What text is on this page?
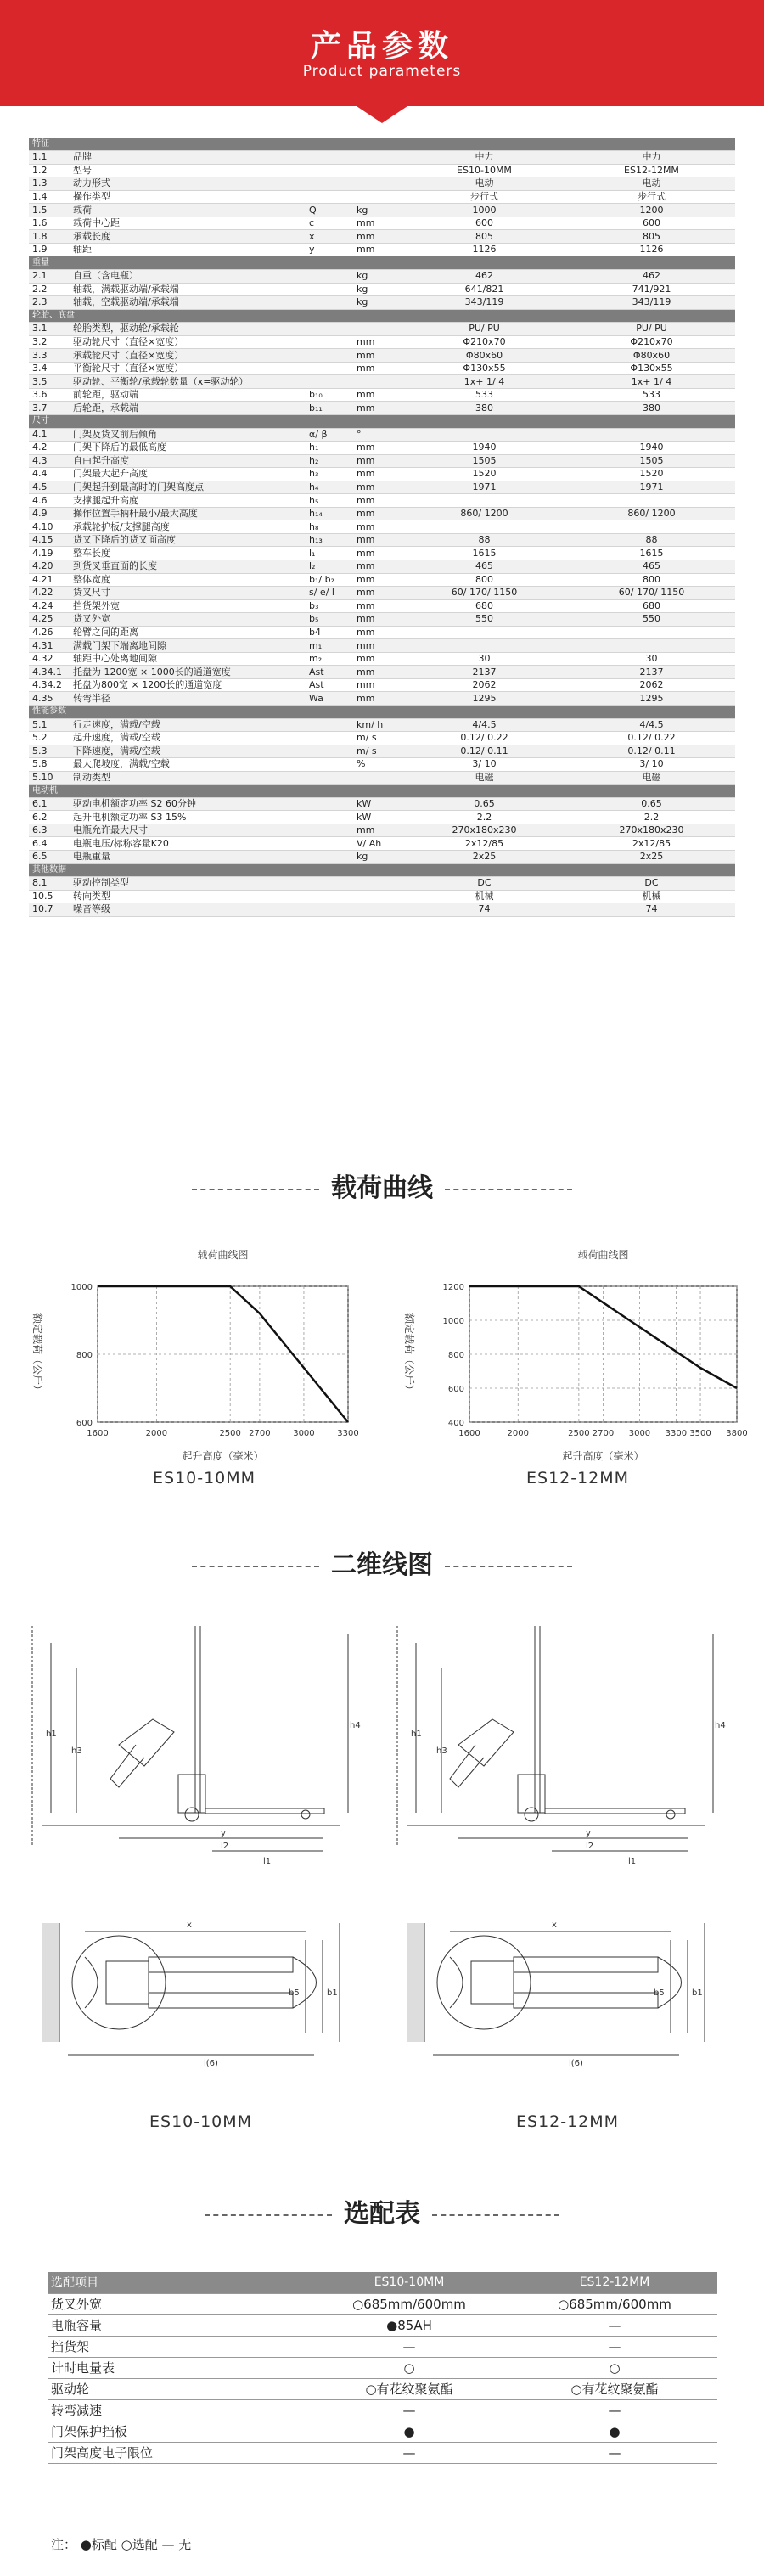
产品参数
Product parameters
特征					
1.1	品牌			中力	中力
1.2	型号			ES10-10MM	ES12-12MM
1.3	动力形式			电动	电动
1.4	操作类型			步行式	步行式
1.5	载荷	Q	kg	1000	1200
1.6	载荷中心距	c	mm	600	600
1.8	承载长度	x	mm	805	805
1.9	轴距	y	mm	1126	1126
重量					
2.1	自重（含电瓶）		kg	462	462
2.2	轴载，满载驱动端/承载端		kg	641/821	741/921
2.3	轴载，空载驱动端/承载端		kg	343/119	343/119
轮胎、底盘					
3.1	轮胎类型，驱动轮/承载轮			PU/ PU	PU/ PU
3.2	驱动轮尺寸（直径×宽度）		mm	Φ210x70	Φ210x70
3.3	承载轮尺寸（直径×宽度）		mm	Φ80x60	Φ80x60
3.4	平衡轮尺寸（直径×宽度）		mm	Φ130x55	Φ130x55
3.5	驱动轮、平衡轮/承载轮数量（x=驱动轮）			1x+ 1/ 4	1x+ 1/ 4
3.6	前轮距，驱动端	b₁₀	mm	533	533
3.7	后轮距，承载端	b₁₁	mm	380	380
尺寸					
4.1	门架及货叉前后倾角	α/ β	°		
4.2	门架下降后的最低高度	h₁	mm	1940	1940
4.3	自由起升高度	h₂	mm	1505	1505
4.4	门架最大起升高度	h₃	mm	1520	1520
4.5	门架起升到最高时的门架高度点	h₄	mm	1971	1971
4.6	支撑腿起升高度	h₅	mm		
4.9	操作位置手柄杆最小/最大高度	h₁₄	mm	860/ 1200	860/ 1200
4.10	承载轮护板/支撑腿高度	h₈	mm		
4.15	货叉下降后的货叉面高度	h₁₃	mm	88	88
4.19	整车长度	l₁	mm	1615	1615
4.20	到货叉垂直面的长度	l₂	mm	465	465
4.21	整体宽度	b₁/ b₂	mm	800	800
4.22	货叉尺寸	s/ e/ l	mm	60/ 170/ 1150	60/ 170/ 1150
4.24	挡货架外宽	b₃	mm	680	680
4.25	货叉外宽	b₅	mm	550	550
4.26	轮臂之间的距离	b4	mm		
4.31	满载门架下端离地间隙	m₁	mm		
4.32	轴距中心处离地间隙	m₂	mm	30	30
4.34.1	托盘为 1200宽 × 1000长的通道宽度	Ast	mm	2137	2137
4.34.2	托盘为800宽 × 1200长的通道宽度	Ast	mm	2062	2062
4.35	转弯半径	Wa	mm	1295	1295
性能参数					
5.1	行走速度，满载/空载		km/ h	4/4.5	4/4.5
5.2	起升速度，满载/空载		m/ s	0.12/ 0.22	0.12/ 0.22
5.3	下降速度，满载/空载		m/ s	0.12/ 0.11	0.12/ 0.11
5.8	最大爬坡度，满载/空载		%	3/ 10	3/ 10
5.10	制动类型			电磁	电磁
电动机					
6.1	驱动电机额定功率 S2 60分钟		kW	0.65	0.65
6.2	起升电机额定功率 S3 15%		kW	2.2	2.2
6.3	电瓶允许最大尺寸		mm	270x180x230	270x180x230
6.4	电瓶电压/标称容量K20		V/ Ah	2x12/85	2x12/85
6.5	电瓶重量		kg	2x25	2x25
其他数据					
8.1	驱动控制类型			DC	DC
10.5	转向类型			机械	机械
10.7	噪音等级			74	74
载荷曲线
载荷曲线图
1600	2000	2500 2700	3000	3300
1000
800
600
起升高度（毫米）
额定载荷（公斤）
载荷曲线图
1600	2000	2500 2700 3000 3300 3500 3800
1200
1000
800
600
400
起升高度（毫米）
额定载荷（公斤）
ES10-10MM	ES12-12MM
二维线图
h1
h3
h4
y
l2
l1
h1
h3
h4
y
l2
l1
x
l(6)
b5	b1
x
l(6)
b5	b1
ES10-10MM	ES12-12MM
选配表
选配项目	ES10-10MM	ES12-12MM
货叉外宽	○685mm/600mm	○685mm/600mm
电瓶容量	●85AH	—
挡货架	—	—
计时电量表	○	○
驱动轮	○有花纹聚氨酯	○有花纹聚氨酯
转弯减速	—	—
门架保护挡板	●	●
门架高度电子限位	—	—
注： ●标配 ○选配 — 无
